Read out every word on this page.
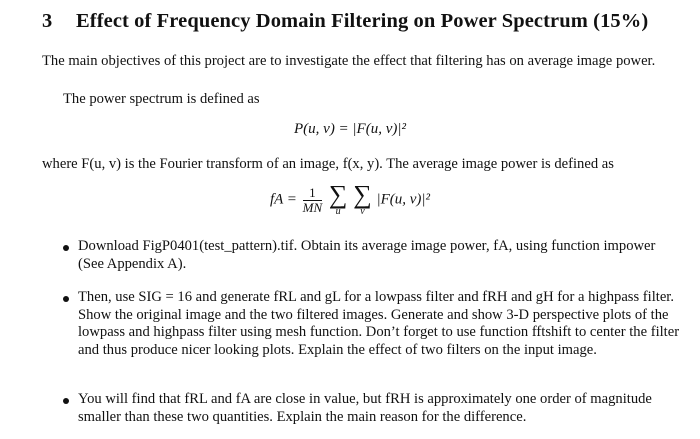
3 Effect of Frequency Domain Filtering on Power Spectrum (15%)
The main objectives of this project are to investigate the effect that filtering has on average image power.
The power spectrum is defined as
P(u, v) = |F(u, v)|²
where F(u, v) is the Fourier transform of an image, f(x, y). The average image power is defined as
fA = $\frac{1}{MN}$
∑
u

∑
v
|F(u, v)|²
Download FigP0401(test_pattern).tif. Obtain its average image power, fA, using function impower (See Appendix A).
Then, use SIG = 16 and generate fRL and gL for a lowpass filter and fRH and gH for a highpass filter. Show the original image and the two filtered images. Generate and show 3-D perspective plots of the lowpass and highpass filter using mesh function. Don’t forget to use function fftshift to center the filter and thus produce nicer looking plots. Explain the effect of two filters on the input image.
You will find that fRL and fA are close in value, but fRH is approximately one order of magnitude smaller than these two quantities. Explain the main reason for the difference.
